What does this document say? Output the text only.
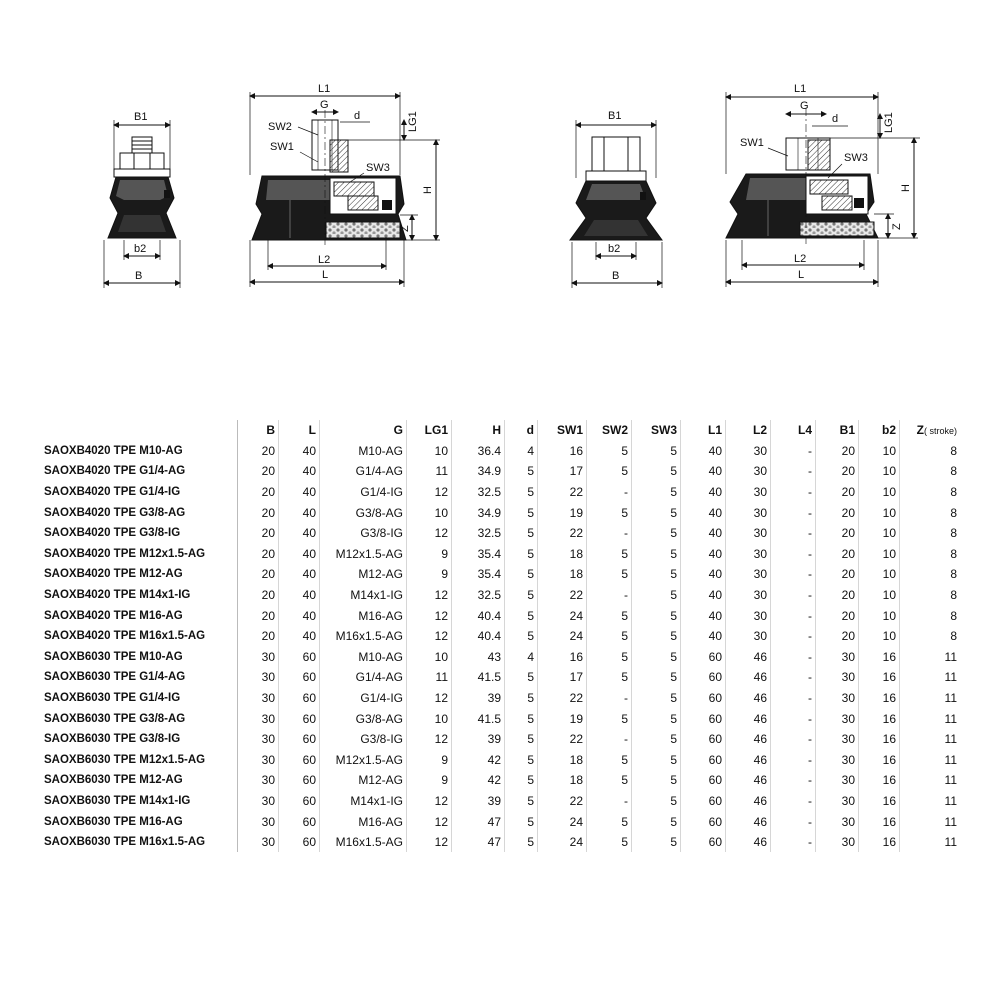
B1
b2
B
L1
G
d	LG1
H
Z
SW2
SW1
SW3
L2
L
B1
b2
B
L1
G
d	LG1
H
Z
SW1
SW3
L2
L
	B	L	G	LG1	H	d	SW1	SW2	SW3	L1	L2	L4	B1	b2	Z( stroke)
SAOXB4020 TPE M10-AG	20	40	M10-AG	10	36.4	4	16	5	5	40	30	-	20	10	8
SAOXB4020 TPE G1/4-AG	20	40	G1/4-AG	11	34.9	5	17	5	5	40	30	-	20	10	8
SAOXB4020 TPE G1/4-IG	20	40	G1/4-IG	12	32.5	5	22	-	5	40	30	-	20	10	8
SAOXB4020 TPE G3/8-AG	20	40	G3/8-AG	10	34.9	5	19	5	5	40	30	-	20	10	8
SAOXB4020 TPE G3/8-IG	20	40	G3/8-IG	12	32.5	5	22	-	5	40	30	-	20	10	8
SAOXB4020 TPE M12x1.5-AG	20	40	M12x1.5-AG	9	35.4	5	18	5	5	40	30	-	20	10	8
SAOXB4020 TPE M12-AG	20	40	M12-AG	9	35.4	5	18	5	5	40	30	-	20	10	8
SAOXB4020 TPE M14x1-IG	20	40	M14x1-IG	12	32.5	5	22	-	5	40	30	-	20	10	8
SAOXB4020 TPE M16-AG	20	40	M16-AG	12	40.4	5	24	5	5	40	30	-	20	10	8
SAOXB4020 TPE M16x1.5-AG	20	40	M16x1.5-AG	12	40.4	5	24	5	5	40	30	-	20	10	8
SAOXB6030 TPE M10-AG	30	60	M10-AG	10	43	4	16	5	5	60	46	-	30	16	11
SAOXB6030 TPE G1/4-AG	30	60	G1/4-AG	11	41.5	5	17	5	5	60	46	-	30	16	11
SAOXB6030 TPE G1/4-IG	30	60	G1/4-IG	12	39	5	22	-	5	60	46	-	30	16	11
SAOXB6030 TPE G3/8-AG	30	60	G3/8-AG	10	41.5	5	19	5	5	60	46	-	30	16	11
SAOXB6030 TPE G3/8-IG	30	60	G3/8-IG	12	39	5	22	-	5	60	46	-	30	16	11
SAOXB6030 TPE M12x1.5-AG	30	60	M12x1.5-AG	9	42	5	18	5	5	60	46	-	30	16	11
SAOXB6030 TPE M12-AG	30	60	M12-AG	9	42	5	18	5	5	60	46	-	30	16	11
SAOXB6030 TPE M14x1-IG	30	60	M14x1-IG	12	39	5	22	-	5	60	46	-	30	16	11
SAOXB6030 TPE M16-AG	30	60	M16-AG	12	47	5	24	5	5	60	46	-	30	16	11
SAOXB6030 TPE M16x1.5-AG	30	60	M16x1.5-AG	12	47	5	24	5	5	60	46	-	30	16	11
